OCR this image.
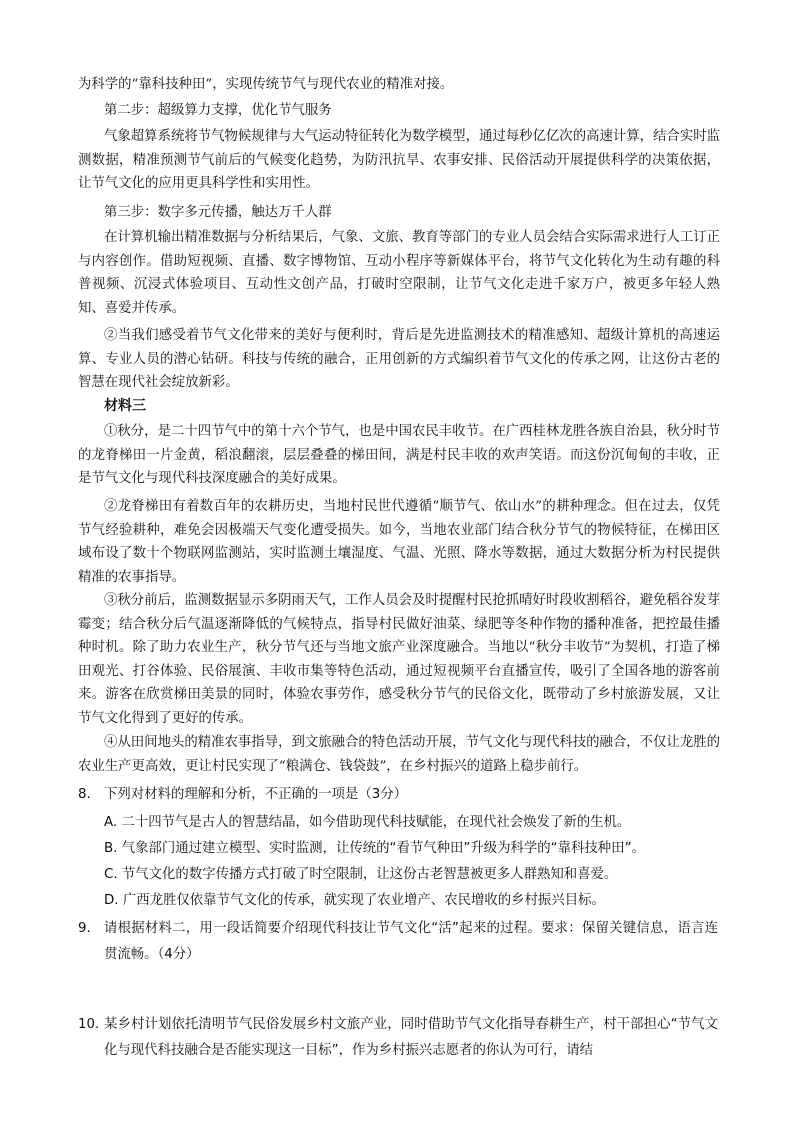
为科学的“靠科技种田”，实现传统节气与现代农业的精准对接。
第二步：超级算力支撑，优化节气服务
气象超算系统将节气物候规律与大气运动特征转化为数学模型，通过每秒亿亿次的高速计算，结合实时监测数据，精准预测节气前后的气候变化趋势，为防汛抗旱、农事安排、民俗活动开展提供科学的决策依据，让节气文化的应用更具科学性和实用性。
第三步：数字多元传播，触达万千人群
在计算机输出精准数据与分析结果后，气象、文旅、教育等部门的专业人员会结合实际需求进行人工订正与内容创作。借助短视频、直播、数字博物馆、互动小程序等新媒体平台，将节气文化转化为生动有趣的科普视频、沉浸式体验项目、互动性文创产品，打破时空限制，让节气文化走进千家万户，被更多年轻人熟知、喜爱并传承。
②当我们感受着节气文化带来的美好与便利时，背后是先进监测技术的精准感知、超级计算机的高速运算、专业人员的潜心钻研。科技与传统的融合，正用创新的方式编织着节气文化的传承之网，让这份古老的智慧在现代社会绽放新彩。
材料三
①秋分，是二十四节气中的第十六个节气，也是中国农民丰收节。在广西桂林龙胜各族自治县，秋分时节的龙脊梯田一片金黄，稻浪翻滚，层层叠叠的梯田间，满是村民丰收的欢声笑语。而这份沉甸甸的丰收，正是节气文化与现代科技深度融合的美好成果。
②龙脊梯田有着数百年的农耕历史，当地村民世代遵循“顺节气、依山水”的耕种理念。但在过去，仅凭节气经验耕种，难免会因极端天气变化遭受损失。如今，当地农业部门结合秋分节气的物候特征，在梯田区域布设了数十个物联网监测站，实时监测土壤湿度、气温、光照、降水等数据，通过大数据分析为村民提供精准的农事指导。
③秋分前后，监测数据显示多阴雨天气，工作人员会及时提醒村民抢抓晴好时段收割稻谷，避免稻谷发芽霉变；结合秋分后气温逐渐降低的气候特点，指导村民做好油菜、绿肥等冬种作物的播种准备，把控最佳播种时机。除了助力农业生产，秋分节气还与当地文旅产业深度融合。当地以“秋分丰收节”为契机，打造了梯田观光、打谷体验、民俗展演、丰收市集等特色活动，通过短视频平台直播宣传，吸引了全国各地的游客前来。游客在欣赏梯田美景的同时，体验农事劳作，感受秋分节气的民俗文化，既带动了乡村旅游发展，又让节气文化得到了更好的传承。
④从田间地头的精准农事指导，到文旅融合的特色活动开展，节气文化与现代科技的融合，不仅让龙胜的农业生产更高效，更让村民实现了“粮满仓、钱袋鼓”，在乡村振兴的道路上稳步前行。
8. 下列对材料的理解和分析，不正确的一项是（3分）
A. 二十四节气是古人的智慧结晶，如今借助现代科技赋能，在现代社会焕发了新的生机。
B. 气象部门通过建立模型、实时监测，让传统的“看节气种田”升级为科学的“靠科技种田”。
C. 节气文化的数字传播方式打破了时空限制，让这份古老智慧被更多人群熟知和喜爱。
D. 广西龙胜仅依靠节气文化的传承，就实现了农业增产、农民增收的乡村振兴目标。
9. 请根据材料二，用一段话简要介绍现代科技让节气文化“活”起来的过程。要求：保留关键信息，语言连贯流畅。（4分）
10. 某乡村计划依托清明节气民俗发展乡村文旅产业，同时借助节气文化指导春耕生产，村干部担心“节气文化与现代科技融合是否能实现这一目标”，作为乡村振兴志愿者的你认为可行，请结
